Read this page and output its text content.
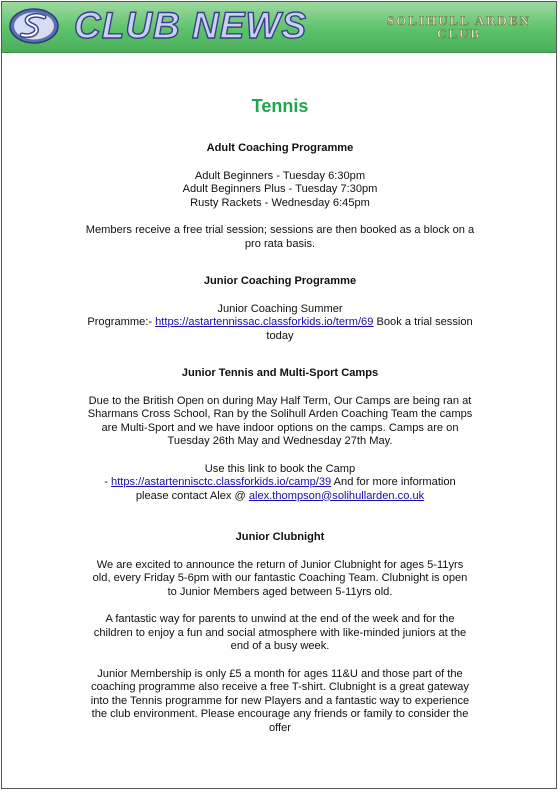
CLUB NEWS	SOLIHULL ARDEN
CLUB
Tennis
Adult Coaching Programme

Adult Beginners - Tuesday 6:30pm

Adult Beginners Plus - Tuesday 7:30pm

Rusty Rackets - Wednesday 6:45pm

Members receive a free trial session; sessions are then booked as a block on a pro rata basis.

Junior Coaching Programme

Junior Coaching Summer

Programme:- https://astartennissac.classforkids.io/term/69 Book a trial session today

Junior Tennis and Multi-Sport Camps

Due to the British Open on during May Half Term, Our Camps are being ran at Sharmans Cross School, Ran by the Solihull Arden Coaching Team the camps are Multi-Sport and we have indoor options on the camps. Camps are on Tuesday 26th May and Wednesday 27th May.

Use this link to book the Camp

- https://astartennisctc.classforkids.io/camp/39 And for more information please contact Alex @ alex.thompson@solihullarden.co.uk

Junior Clubnight

We are excited to announce the return of Junior Clubnight for ages 5-11yrs old, every Friday 5-6pm with our fantastic Coaching Team. Clubnight is open to Junior Members aged between 5-11yrs old.

A fantastic way for parents to unwind at the end of the week and for the children to enjoy a fun and social atmosphere with like-minded juniors at the end of a busy week.

Junior Membership is only £5 a month for ages 11&U and those part of the coaching programme also receive a free T-shirt. Clubnight is a great gateway into the Tennis programme for new Players and a fantastic way to experience the club environment. Please encourage any friends or family to consider the offer
